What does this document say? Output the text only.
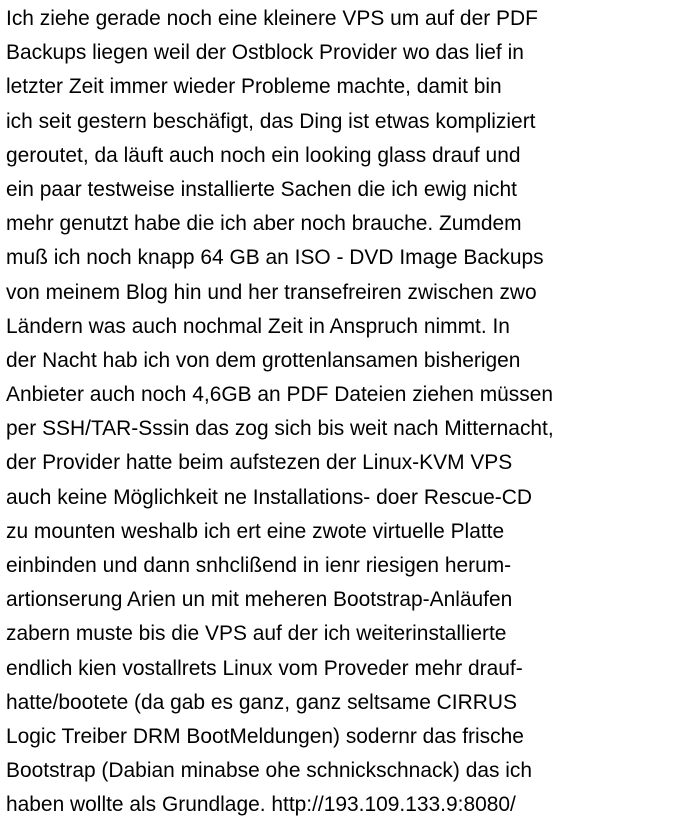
Ich ziehe gerade noch eine kleinere VPS um auf der PDF
Backups liegen weil der Ostblock Provider wo das lief in
letzter Zeit immer wieder Probleme machte, damit bin
ich seit gestern beschäfigt, das Ding ist etwas kompliziert
geroutet, da läuft auch noch ein looking glass drauf und
ein paar testweise installierte Sachen die ich ewig nicht
mehr genutzt habe die ich aber noch brauche. Zumdem
muß ich noch knapp 64 GB an ISO - DVD Image Backups
von meinem Blog hin und her transefreiren zwischen zwo
Ländern was auch nochmal Zeit in Anspruch nimmt. In
der Nacht hab ich von dem grottenlansamen bisherigen
Anbieter auch noch 4,6GB an PDF Dateien ziehen müssen
per SSH/TAR-Sssin das zog sich bis weit nach Mitternacht,
der Provider hatte beim aufstezen der Linux-KVM VPS
auch keine Möglichkeit ne Installations- doer Rescue-CD
zu mounten weshalb ich ert eine zwote virtuelle Platte
einbinden und dann snhclißend in ienr riesigen herum-
artionserung Arien un mit meheren Bootstrap-Anläufen
zabern muste bis die VPS auf der ich weiterinstallierte
endlich kien vostallrets Linux vom Proveder mehr drauf-
hatte/bootete (da gab es ganz, ganz seltsame CIRRUS
Logic Treiber DRM BootMeldungen) sodernr das frische
Bootstrap (Dabian minabse ohe schnickschnack) das ich
haben wollte als Grundlage. http://193.109.133.9:8080/
